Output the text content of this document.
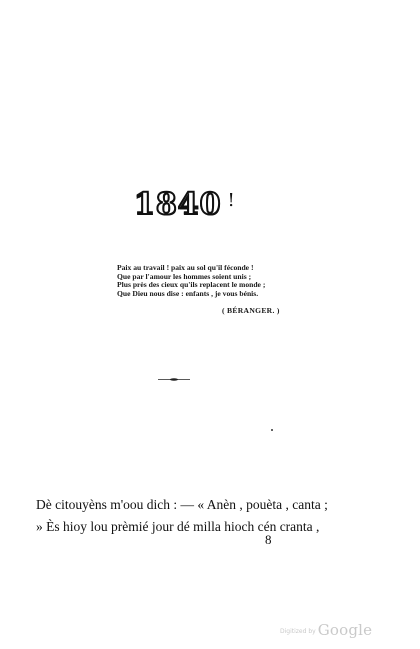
1840 !
Paix au travail ! paix au sol qu'il féconde !
Que par l'amour les hommes soient unis ;
Plus près des cieux qu'ils replacent le monde ;
Que Dieu nous dise : enfants , je vous bénis.
( BÉRANGER. )
Dè citouyèns m'oou dich : — « Anèn , pouèta , canta ;
» Ès hioy lou prèmié jour dé milla hioch cén cranta ,
8
Digitized by Google
